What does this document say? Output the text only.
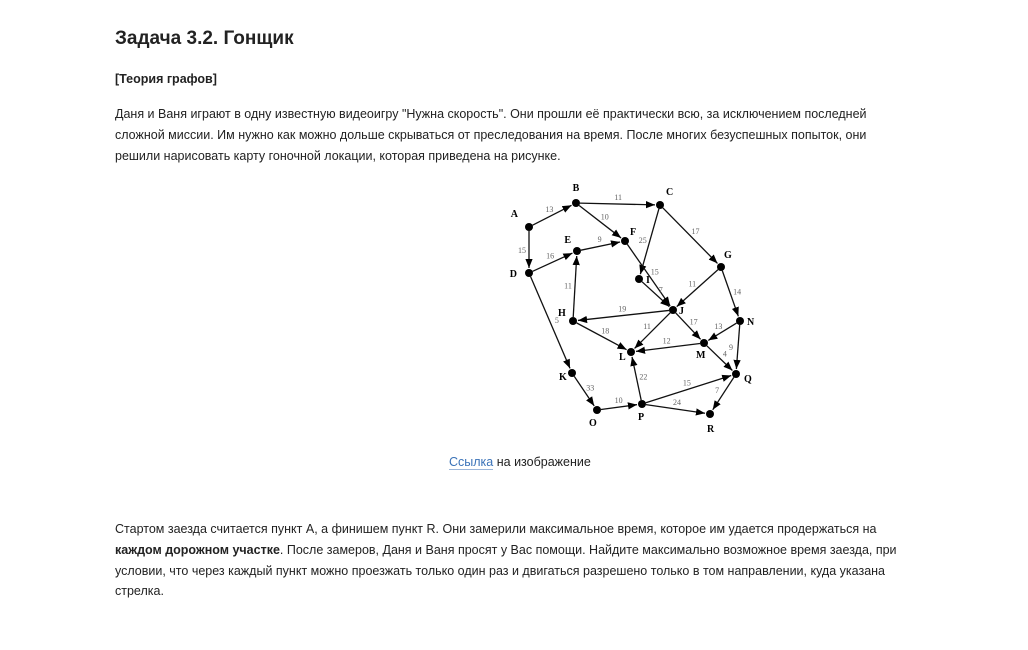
Задача 3.2. Гонщик
[Теория графов]
Даня и Ваня играют в одну известную видеоигру "Нужна скорость". Они прошли её практически всю, за исключением последней сложной миссии. Им нужно как можно дольше скрываться от преследования на время. После многих безуспешных попыток, они решили нарисовать карту гоночной локации, которая приведена на рисунке.
13
15
11
10
25
17
16
9
15
7
11
19
11
14
5
11	17
18	13
12
4
9
33
10
22
15
24
7
A
B	C
D
E
F
G
H
I
J
K
L	M
N
O
P
Q
R
Ссылка на изображение
Стартом заезда считается пункт А, а финишем пункт R. Они замерили максимальное время, которое им удается продержаться на каждом дорожном участке. После замеров, Даня и Ваня просят у Вас помощи. Найдите максимально возможное время заезда, при условии, что через каждый пункт можно проезжать только один раз и двигаться разрешено только в том направлении, куда указана стрелка.
